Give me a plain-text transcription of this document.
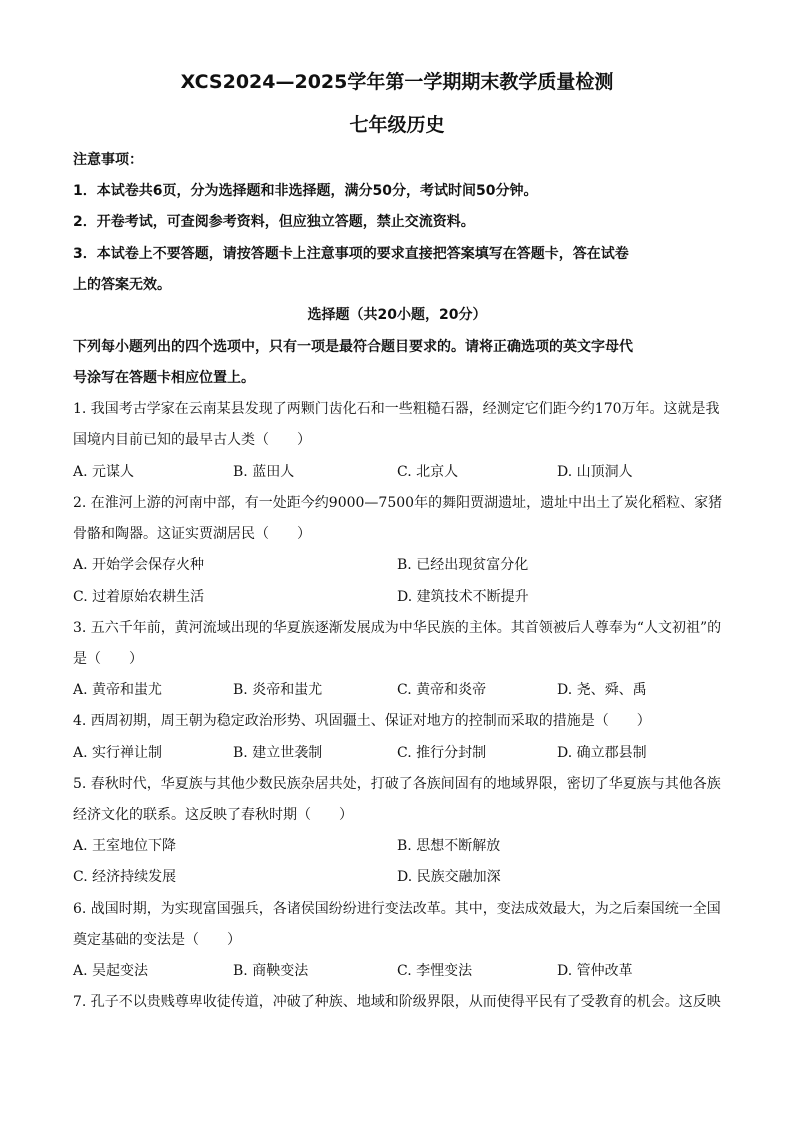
XCS2024—2025学年第一学期期末教学质量检测
七年级历史
注意事项：
1．本试卷共6页，分为选择题和非选择题，满分50分，考试时间50分钟。
2．开卷考试，可查阅参考资料，但应独立答题，禁止交流资料。
3．本试卷上不要答题，请按答题卡上注意事项的要求直接把答案填写在答题卡，答在试卷
上的答案无效。
选择题（共20小题，20分）
下列每小题列出的四个选项中，只有一项是最符合题目要求的。请将正确选项的英文字母代
号涂写在答题卡相应位置上。
1. 我国考古学家在云南某县发现了两颗门齿化石和一些粗糙石器，经测定它们距今约170万年。这就是我
国境内目前已知的最早古人类（　　）
A. 元谋人	B. 蓝田人	C. 北京人	D. 山顶洞人
2. 在淮河上游的河南中部，有一处距今约9000—7500年的舞阳贾湖遗址，遗址中出土了炭化稻粒、家猪
骨骼和陶器。这证实贾湖居民（　　）
A. 开始学会保存火种	B. 已经出现贫富分化
C. 过着原始农耕生活	D. 建筑技术不断提升
3. 五六千年前，黄河流域出现的华夏族逐渐发展成为中华民族的主体。其首领被后人尊奉为“人文初祖”的
是（　　）
A. 黄帝和蚩尤	B. 炎帝和蚩尤	C. 黄帝和炎帝	D. 尧、舜、禹
4. 西周初期，周王朝为稳定政治形势、巩固疆土、保证对地方的控制而采取的措施是（　　）
A. 实行禅让制	B. 建立世袭制	C. 推行分封制	D. 确立郡县制
5. 春秋时代，华夏族与其他少数民族杂居共处，打破了各族间固有的地域界限，密切了华夏族与其他各族
经济文化的联系。这反映了春秋时期（　　）
A. 王室地位下降	B. 思想不断解放
C. 经济持续发展	D. 民族交融加深
6. 战国时期，为实现富国强兵，各诸侯国纷纷进行变法改革。其中，变法成效最大，为之后秦国统一全国
奠定基础的变法是（　　）
A. 吴起变法	B. 商鞅变法	C. 李悝变法	D. 管仲改革
7. 孔子不以贵贱尊卑收徒传道，冲破了种族、地域和阶级界限，从而使得平民有了受教育的机会。这反映
